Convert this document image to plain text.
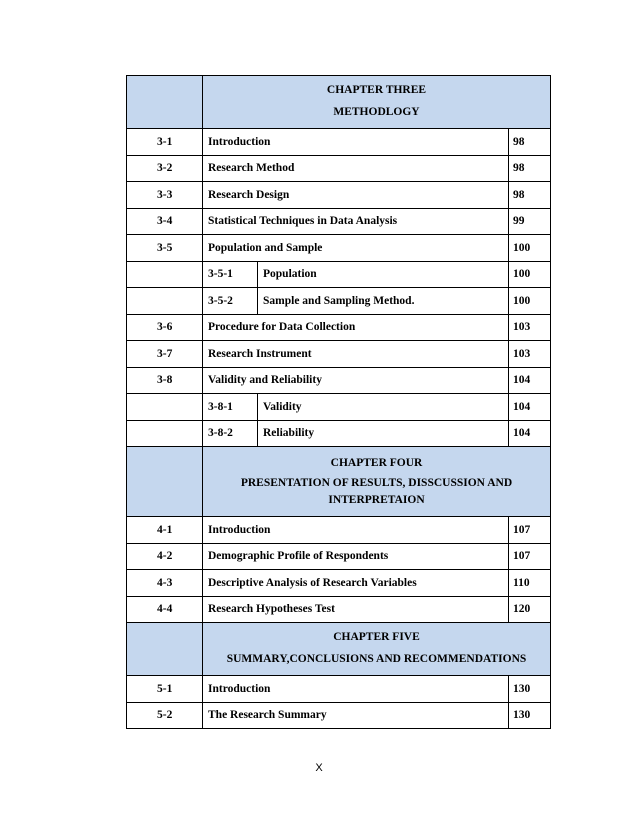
	CHAPTER THREE
METHODLOGY		

3-1	Introduction		98
3-2	Research Method		98
3-3	Research Design		98
3-4	Statistical Techniques in Data Analysis		99
3-5	Population and Sample		100
	3-5-1	Population	100
	3-5-2	Sample and Sampling Method.	100
3-6	Procedure for Data Collection		103
3-7	Research Instrument		103
3-8	Validity and Reliability		104
	3-8-1	Validity	104
	3-8-2	Reliability	104

	CHAPTER FOUR
PRESENTATION OF RESULTS, DISSCUSSION AND INTERPRETAION		

4-1	Introduction		107
4-2	Demographic Profile of Respondents		107
4-3	Descriptive Analysis of Research Variables		110
4-4	Research Hypotheses Test		120

	CHAPTER FIVE
SUMMARY,CONCLUSIONS AND RECOMMENDATIONS		

5-1	Introduction		130
5-2	The Research Summary		130
X
